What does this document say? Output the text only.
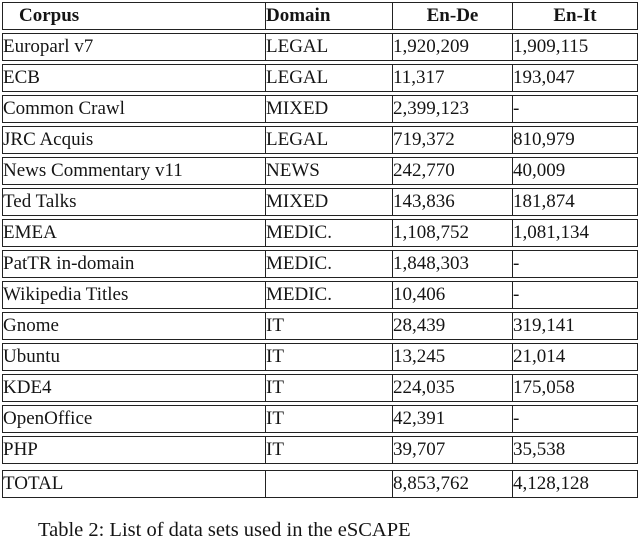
Corpus	Domain	En-De	En-It
Europarl v7	LEGAL	1,920,209	1,909,115
ECB	LEGAL	11,317	193,047
Common Crawl	MIXED	2,399,123	-
JRC Acquis	LEGAL	719,372	810,979
News Commentary v11	NEWS	242,770	40,009
Ted Talks	MIXED	143,836	181,874
EMEA	MEDIC.	1,108,752	1,081,134
PatTR in-domain	MEDIC.	1,848,303	-
Wikipedia Titles	MEDIC.	10,406	-
Gnome	IT	28,439	319,141
Ubuntu	IT	13,245	21,014
KDE4	IT	224,035	175,058
OpenOffice	IT	42,391	-
PHP	IT	39,707	35,538
TOTAL		8,853,762	4,128,128
Table 2: List of data sets used in the eSCAPE
